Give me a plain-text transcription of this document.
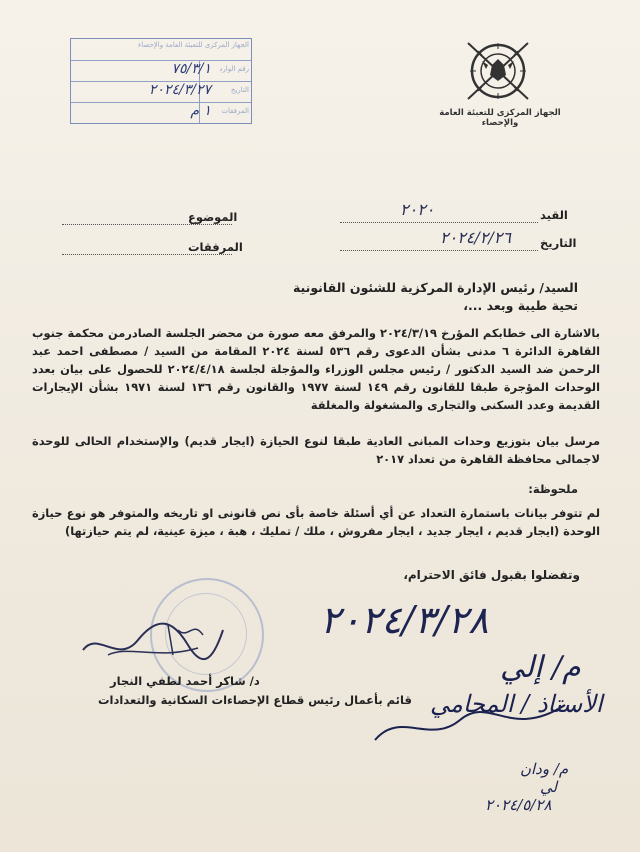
الجهاز المركزى للتعبئة العامة والإحصاء
الجهاز المركزى للتعبئة العامة والإحصاء
رقم الوارد
التاريخ
المرفقات
٧٥/٣/١
٢٠٢٤/٣/٢٧
١ م
الموضوع
المرفقات
القيد
٢٠٢٠
التاريخ
٢٠٢٤/٢/٢٦
السيد/ رئيس الإدارة المركزية للشئون القانونية
تحية طيبة وبعد ...،
بالاشارة الى خطابكم المؤرخ ٢٠٢٤/٣/١٩ والمرفق معه صورة من محضر الجلسة الصادرمن محكمة جنوب القاهرة الدائرة ٦ مدنى بشأن الدعوى رقم ٥٣٦ لسنة ٢٠٢٤ المقامة من السيد / مصطفى احمد عبد الرحمن ضد السيد الدكتور / رئيس مجلس الوزراء والمؤجلة لجلسة ٢٠٢٤/٤/١٨ للحصول على بيان بعدد الوحدات المؤجرة طبقا للقانون رقم ١٤٩ لسنة ١٩٧٧ والقانون رقم ١٣٦ لسنة ١٩٧١ بشأن الإيجارات القديمة وعدد السكنى والتجارى والمشغولة والمغلقة
مرسل بيان بتوزيع وحدات المبانى العادية طبقا لنوع الحيازة (ايجار قديم) والإستخدام الحالى للوحدة لاجمالى محافظة القاهرة من تعداد ٢٠١٧
ملحوظة:
لم تتوفر بيانات باستمارة التعداد عن أي أسئلة خاصة بأى نص قانونى او تاريخه والمتوفر هو نوع حيازة الوحدة (ايجار قديم ، ايجار جديد ، ايجار مفروش ، ملك / تمليك ، هبة ، ميزة عينية، لم يتم حيازتها)
وتفضلوا بقبول فائق الاحترام،
د/ شاكر أحمد لطفي النجار
قائم بأعمال رئيس قطاع الإحصاءات السكانية والتعدادات
٢٠٢٤/٣/٢٨
م/ إلي
الأستاذ / المحامي
م/ ودان
لي
٢٠٢٤/٥/٢٨
